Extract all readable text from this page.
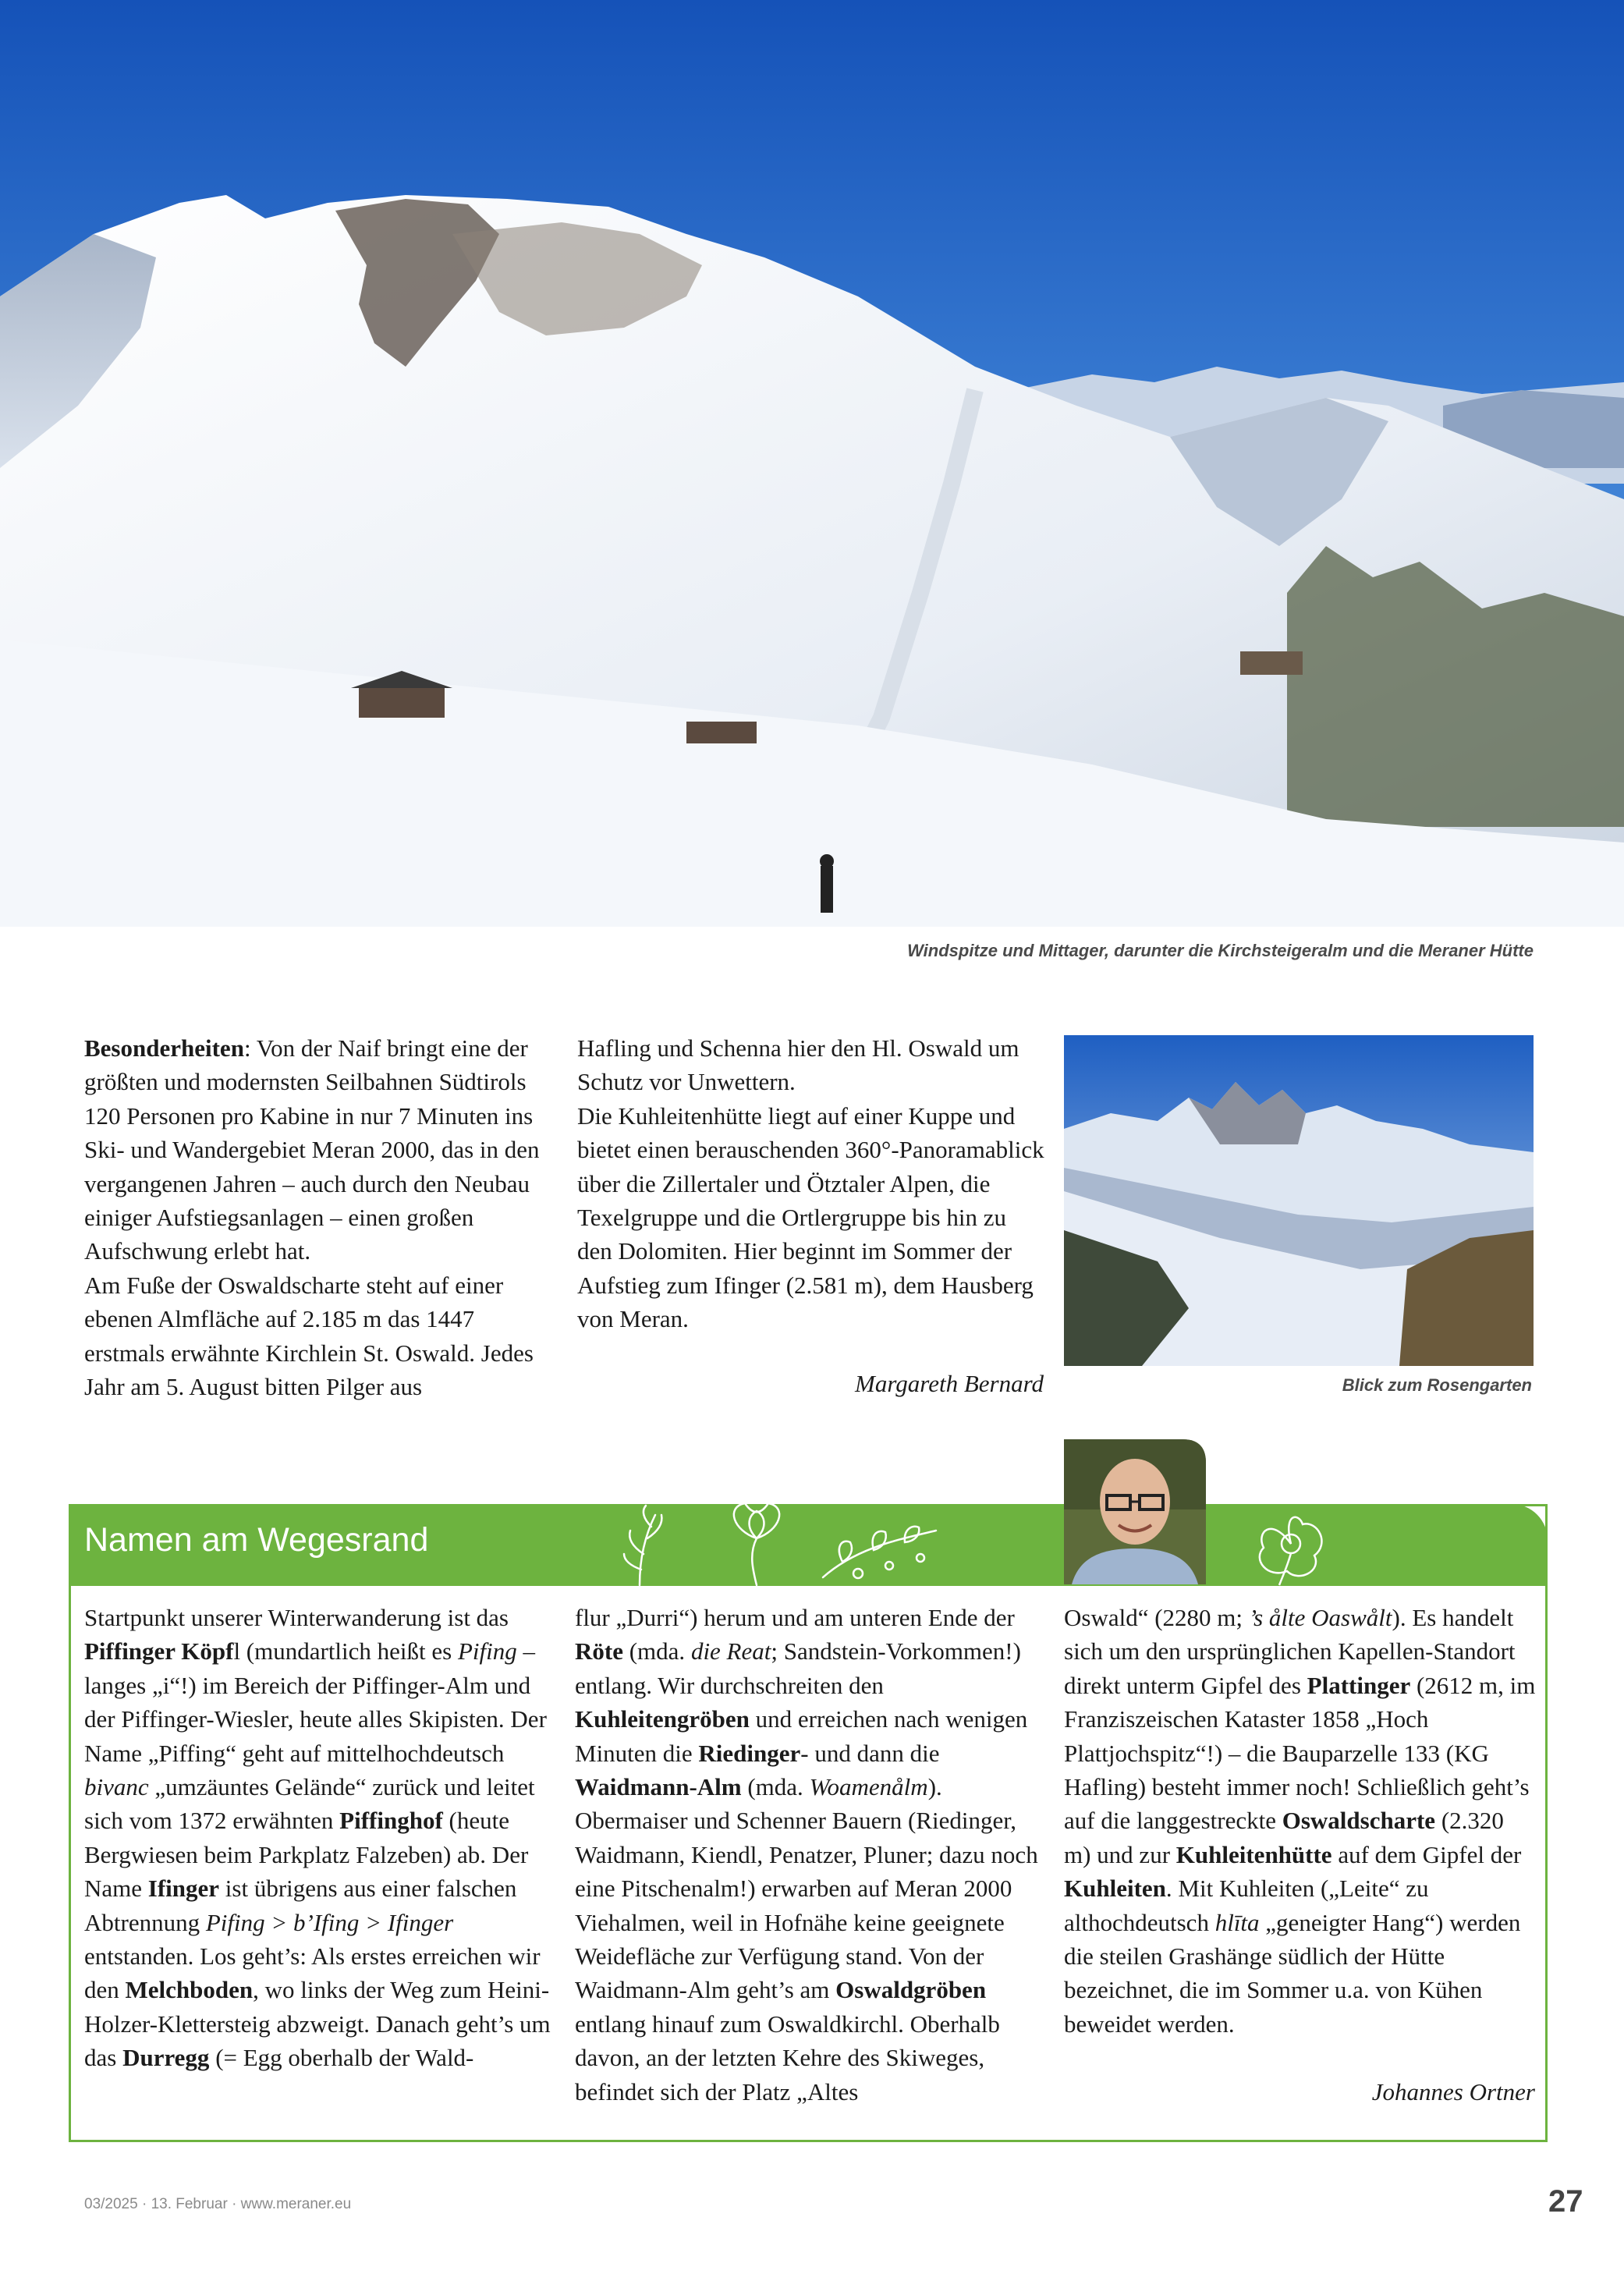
Windspitze und Mittager, darunter die Kirchsteigeralm und die Meraner Hütte

Besonderheiten: Von der Naif bringt eine der größten und modernsten Seilbahnen Südtirols 120 Personen pro Kabine in nur 7 Minuten ins Ski- und Wandergebiet Meran 2000, das in den vergangenen Jahren – auch durch den Neubau einiger Aufstiegsanlagen – einen großen Aufschwung erlebt hat.
Am Fuße der Oswaldscharte steht auf einer ebenen Almfläche auf 2.185 m das 1447 erstmals erwähnte Kirchlein St. Oswald. Jedes Jahr am 5. August bitten Pilger aus

Hafling und Schenna hier den Hl. Oswald um Schutz vor Unwettern.
Die Kuhleitenhütte liegt auf einer Kuppe und bietet einen berauschenden 360°-Panoramablick über die Zillertaler und Ötztaler Alpen, die Texelgruppe und die Ortlergruppe bis hin zu den Dolomiten. Hier beginnt im Sommer der Aufstieg zum Ifinger (2.581 m), dem Hausberg von Meran.

Margareth Bernard	Blick zum Rosengarten
Namen am Wegesrand

Startpunkt unserer Winterwanderung ist das Piffinger Köpfl (mundartlich heißt es Pifing – langes „i“!) im Bereich der Piffinger-Alm und der Piffinger-Wiesler, heute alles Skipisten. Der Name „Piffing“ geht auf mittelhochdeutsch bivanc „umzäuntes Gelände“ zurück und leitet sich vom 1372 erwähnten Piffinghof (heute Bergwiesen beim Parkplatz Falzeben) ab. Der Name Ifinger ist übrigens aus einer falschen Abtrennung Pifing > b’Ifing > Ifinger entstanden. Los geht’s: Als erstes erreichen wir den Melchboden, wo links der Weg zum Heini-Holzer-Klettersteig abzweigt. Danach geht’s um das Durregg (= Egg oberhalb der Wald-

flur „Durri“) herum und am unteren Ende der Röte (mda. die Reat; Sandstein-Vorkommen!) entlang. Wir durchschreiten den Kuhleitengröben und erreichen nach wenigen Minuten die Riedinger- und dann die Waidmann-Alm (mda. Woamenålm). Obermaiser und Schenner Bauern (Riedinger, Waidmann, Kiendl, Penatzer, Pluner; dazu noch eine Pitschenalm!) erwarben auf Meran 2000 Viehalmen, weil in Hofnähe keine geeignete Weidefläche zur Verfügung stand. Von der Waidmann-Alm geht’s am Oswaldgröben entlang hinauf zum Oswaldkirchl. Oberhalb davon, an der letzten Kehre des Skiweges, befindet sich der Platz „Altes

Oswald“ (2280 m; ’s ålte Oaswålt). Es handelt sich um den ursprünglichen Kapellen-Standort direkt unterm Gipfel des Plattinger (2612 m, im Franziszeischen Kataster 1858 „Hoch Plattjochspitz“!) – die Bauparzelle 133 (KG Hafling) besteht immer noch! Schließlich geht’s auf die langgestreckte Oswaldscharte (2.320 m) und zur Kuhleitenhütte auf dem Gipfel der Kuhleiten. Mit Kuhleiten („Leite“ zu althochdeutsch hlīta „geneigter Hang“) werden die steilen Grashänge südlich der Hütte bezeichnet, die im Sommer u.a. von Kühen beweidet werden.

Johannes Ortner
03/2025 · 13. Februar · www.meraner.eu	27
